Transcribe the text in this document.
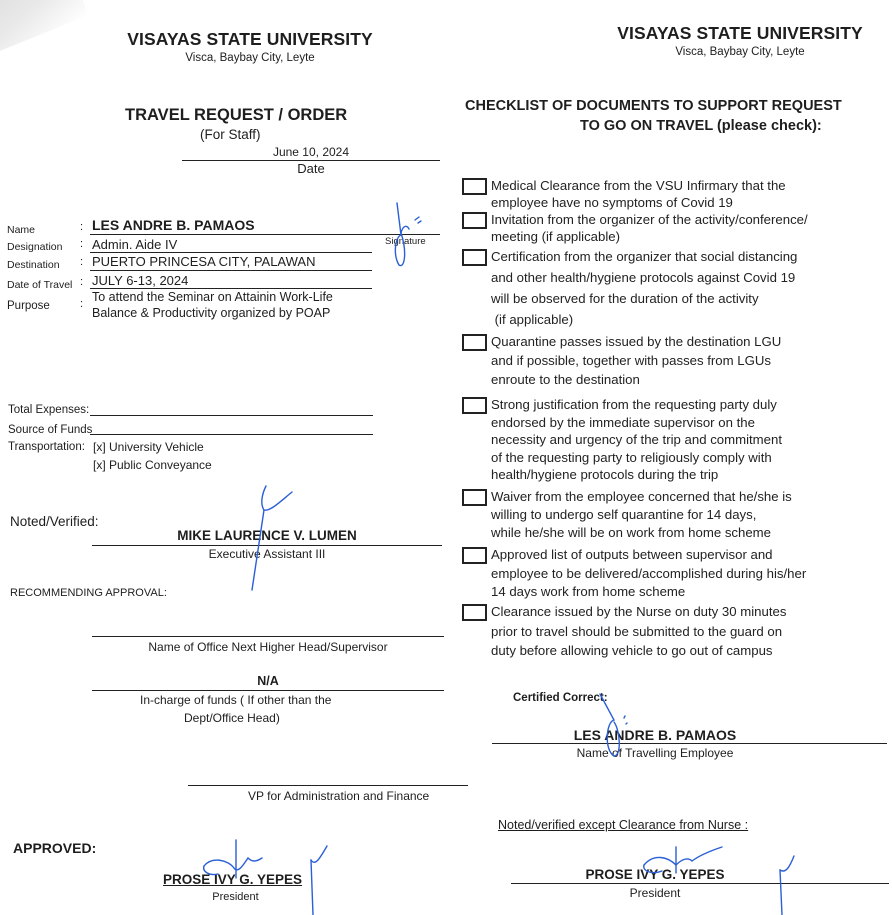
VISAYAS STATE UNIVERSITY
Visca, Baybay City, Leyte
TRAVEL REQUEST / ORDER
(For Staff)
June 10, 2024
Date
Name	: LES ANDRE B. PAMAOS
Signature
Designation : Admin. Aide IV
Destination : PUERTO PRINCESA CITY, PALAWAN
Date of Travel : JULY 6-13, 2024
Purpose	: To attend the Seminar on Attainin Work-Life
Balance & Productivity organized by POAP
Total Expenses:
Source of Funds
Transportation: [x] University Vehicle
[x] Public Conveyance
Noted/Verified:
MIKE LAURENCE V. LUMEN
Executive Assistant III
RECOMMENDING APPROVAL:
Name of Office Next Higher Head/Supervisor
N/A
In-charge of funds ( If other than the
Dept/Office Head)
VP for Administration and Finance
APPROVED:
PROSE IVY G. YEPES
President
VISAYAS STATE UNIVERSITY
Visca, Baybay City, Leyte
CHECKLIST OF DOCUMENTS TO SUPPORT REQUEST
TO GO ON TRAVEL (please check):
Medical Clearance from the VSU Infirmary that the
employee have no symptoms of Covid 19
Invitation from the organizer of the activity/conference/
meeting (if applicable)
Certification from the organizer that social distancing
and other health/hygiene protocols against Covid 19
will be observed for the duration of the activity
(if applicable)
Quarantine passes issued by the destination LGU
and if possible, together with passes from LGUs
enroute to the destination
Strong justification from the requesting party duly
endorsed by the immediate supervisor on the
necessity and urgency of the trip and commitment
of the requesting party to religiously comply with
health/hygiene protocols during the trip
Waiver from the employee concerned that he/she is
willing to undergo self quarantine for 14 days,
while he/she will be on work from home scheme
Approved list of outputs between supervisor and
employee to be delivered/accomplished during his/her
14 days work from home scheme
Clearance issued by the Nurse on duty 30 minutes
prior to travel should be submitted to the guard on
duty before allowing vehicle to go out of campus
Certified Correct:
LES ANDRE B. PAMAOS
Name of Travelling Employee
Noted/verified except Clearance from Nurse :
PROSE IVY G. YEPES
President
